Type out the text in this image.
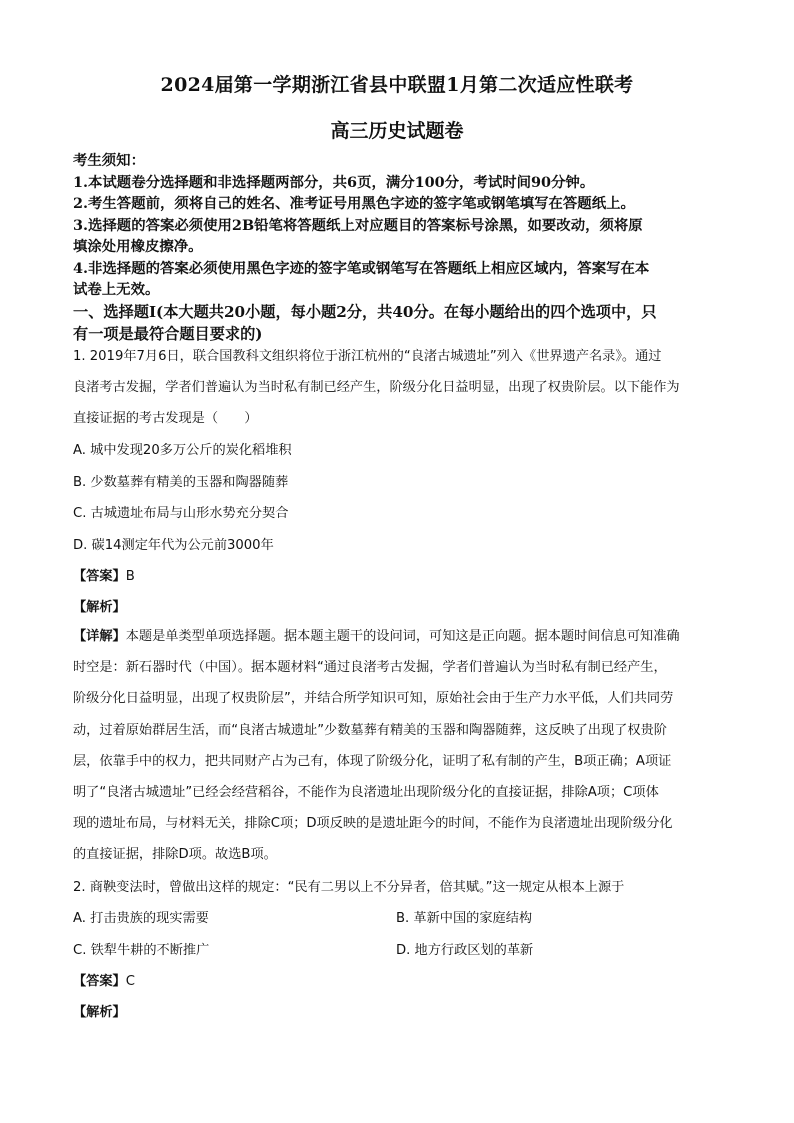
2024届第一学期浙江省县中联盟1月第二次适应性联考
高三历史试题卷
考生须知：
1.本试题卷分选择题和非选择题两部分，共6页，满分100分，考试时间90分钟。
2.考生答题前，须将自己的姓名、准考证号用黑色字迹的签字笔或钢笔填写在答题纸上。
3.选择题的答案必须使用2B铅笔将答题纸上对应题目的答案标号涂黑，如要改动，须将原
填涂处用橡皮擦净。
4.非选择题的答案必须使用黑色字迹的签字笔或钢笔写在答题纸上相应区域内，答案写在本
试卷上无效。
一、选择题Ⅰ(本大题共20小题，每小题2分，共40分。在每小题给出的四个选项中，只
有一项是最符合题目要求的)
1. 2019年7月6日，联合国教科文组织将位于浙江杭州的“良渚古城遗址”列入《世界遗产名录》。通过
良渚考古发掘，学者们普遍认为当时私有制已经产生，阶级分化日益明显，出现了权贵阶层。以下能作为
直接证据的考古发现是（　　）
A. 城中发现20多万公斤的炭化稻堆积
B. 少数墓葬有精美的玉器和陶器随葬
C. 古城遗址布局与山形水势充分契合
D. 碳14测定年代为公元前3000年
【答案】B
【解析】
【详解】本题是单类型单项选择题。据本题主题干的设问词，可知这是正向题。据本题时间信息可知准确
时空是：新石器时代（中国）。据本题材料“通过良渚考古发掘，学者们普遍认为当时私有制已经产生，
阶级分化日益明显，出现了权贵阶层”，并结合所学知识可知，原始社会由于生产力水平低，人们共同劳
动，过着原始群居生活，而“良渚古城遗址”少数墓葬有精美的玉器和陶器随葬，这反映了出现了权贵阶
层，依靠手中的权力，把共同财产占为己有，体现了阶级分化，证明了私有制的产生，B项正确；A项证
明了“良渚古城遗址”已经会经营稻谷，不能作为良渚遗址出现阶级分化的直接证据，排除A项；C项体
现的遗址布局，与材料无关，排除C项；D项反映的是遗址距今的时间，不能作为良渚遗址出现阶级分化
的直接证据，排除D项。故选B项。
2. 商鞅变法时，曾做出这样的规定：“民有二男以上不分异者，倍其赋。”这一规定从根本上源于
A. 打击贵族的现实需要	B. 革新中国的家庭结构
C. 铁犁牛耕的不断推广	D. 地方行政区划的革新
【答案】C
【解析】
